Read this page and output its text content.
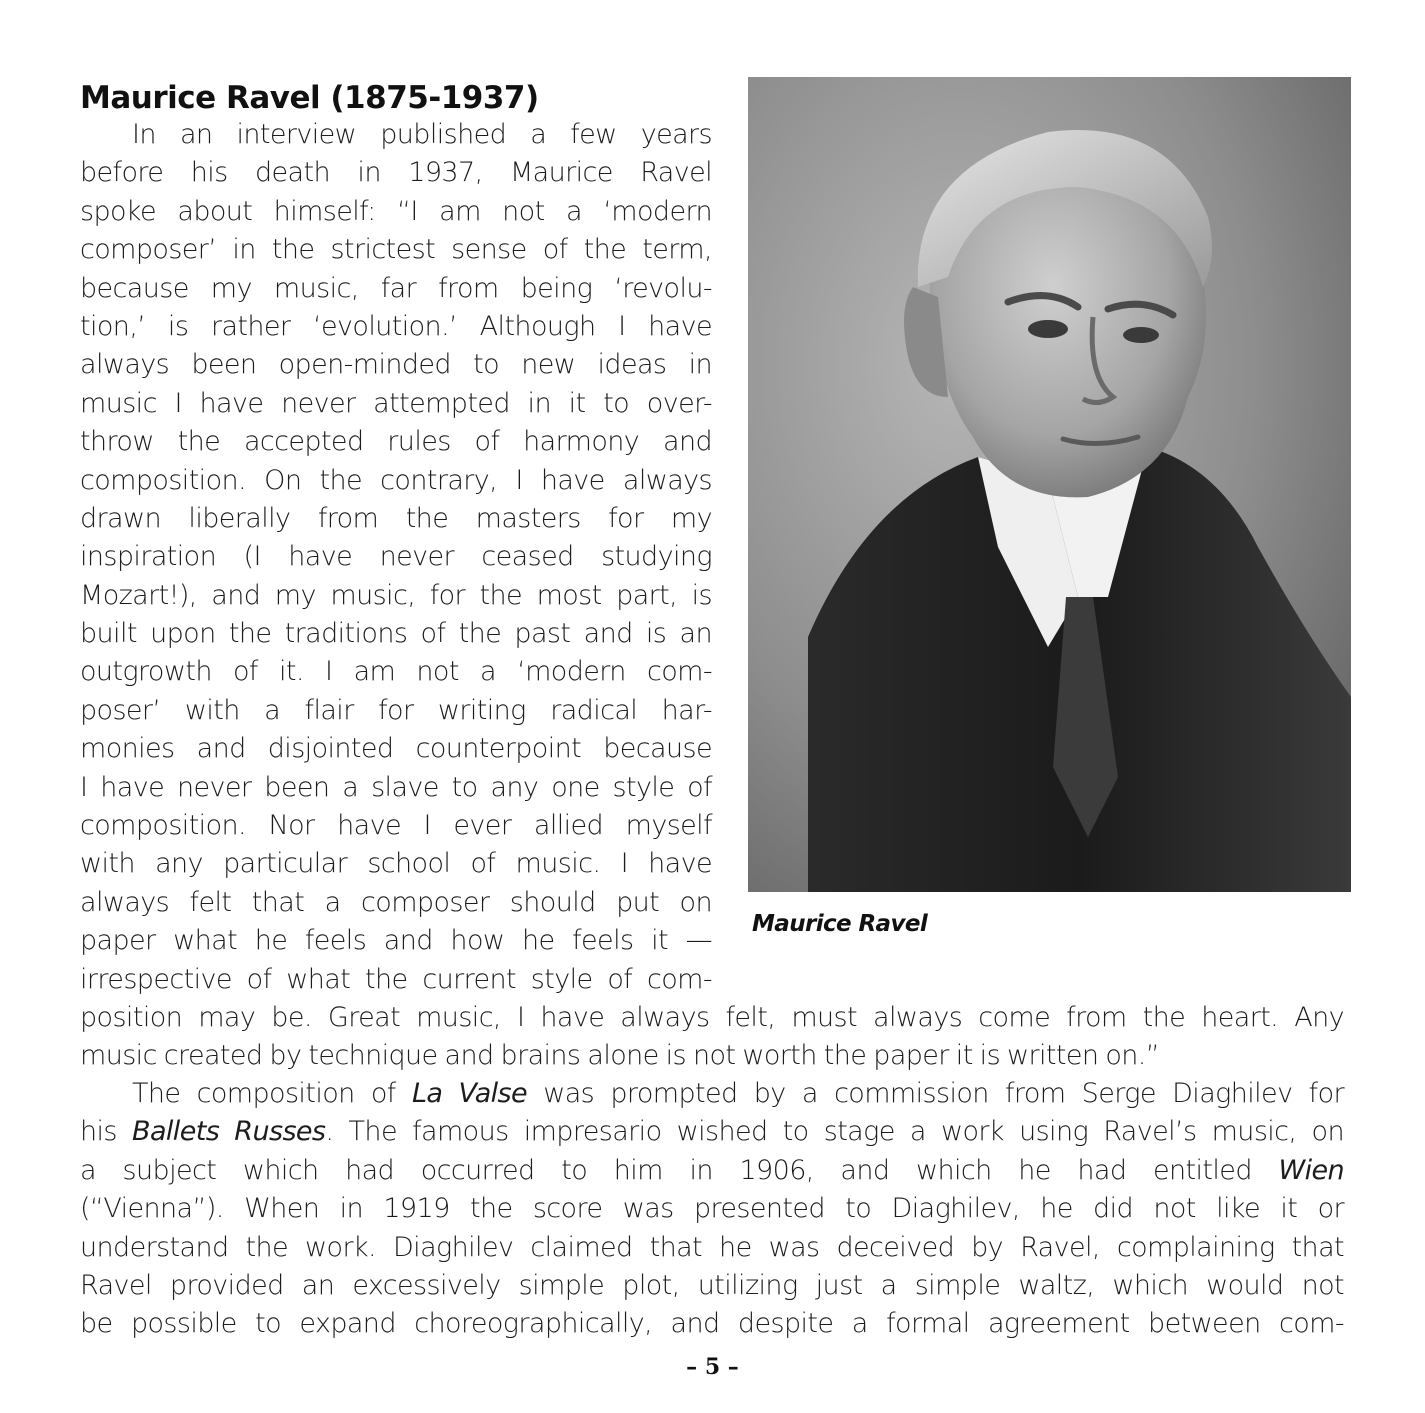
Maurice Ravel (1875-1937)
In an interview published a few years
before his death in 1937, Maurice Ravel
spoke about himself: “I am not a ‘modern
composer’ in the strictest sense of the term,
because my music, far from being ‘revolu-
tion,’ is rather ‘evolution.’ Although I have
always been open-minded to new ideas in
music I have never attempted in it to over-
throw the accepted rules of harmony and
composition. On the contrary, I have always
drawn liberally from the masters for my
inspiration (I have never ceased studying
Mozart!), and my music, for the most part, is
built upon the traditions of the past and is an
outgrowth of it. I am not a ‘modern com-
poser’ with a flair for writing radical har-
monies and disjointed counterpoint because
I have never been a slave to any one style of
composition. Nor have I ever allied myself
with any particular school of music. I have
always felt that a composer should put on
paper what he feels and how he feels it —
irrespective of what the current style of com-
position may be. Great music, I have always felt, must always come from the heart. Any
music created by technique and brains alone is not worth the paper it is written on.”
The composition of La Valse was prompted by a commission from Serge Diaghilev for
his Ballets Russes. The famous impresario wished to stage a work using Ravel’s music, on
a subject which had occurred to him in 1906, and which he had entitled Wien
(“Vienna”). When in 1919 the score was presented to Diaghilev, he did not like it or
understand the work. Diaghilev claimed that he was deceived by Ravel, complaining that
Ravel provided an excessively simple plot, utilizing just a simple waltz, which would not
be possible to expand choreographically, and despite a formal agreement between com-

Maurice Ravel

– 5 –
